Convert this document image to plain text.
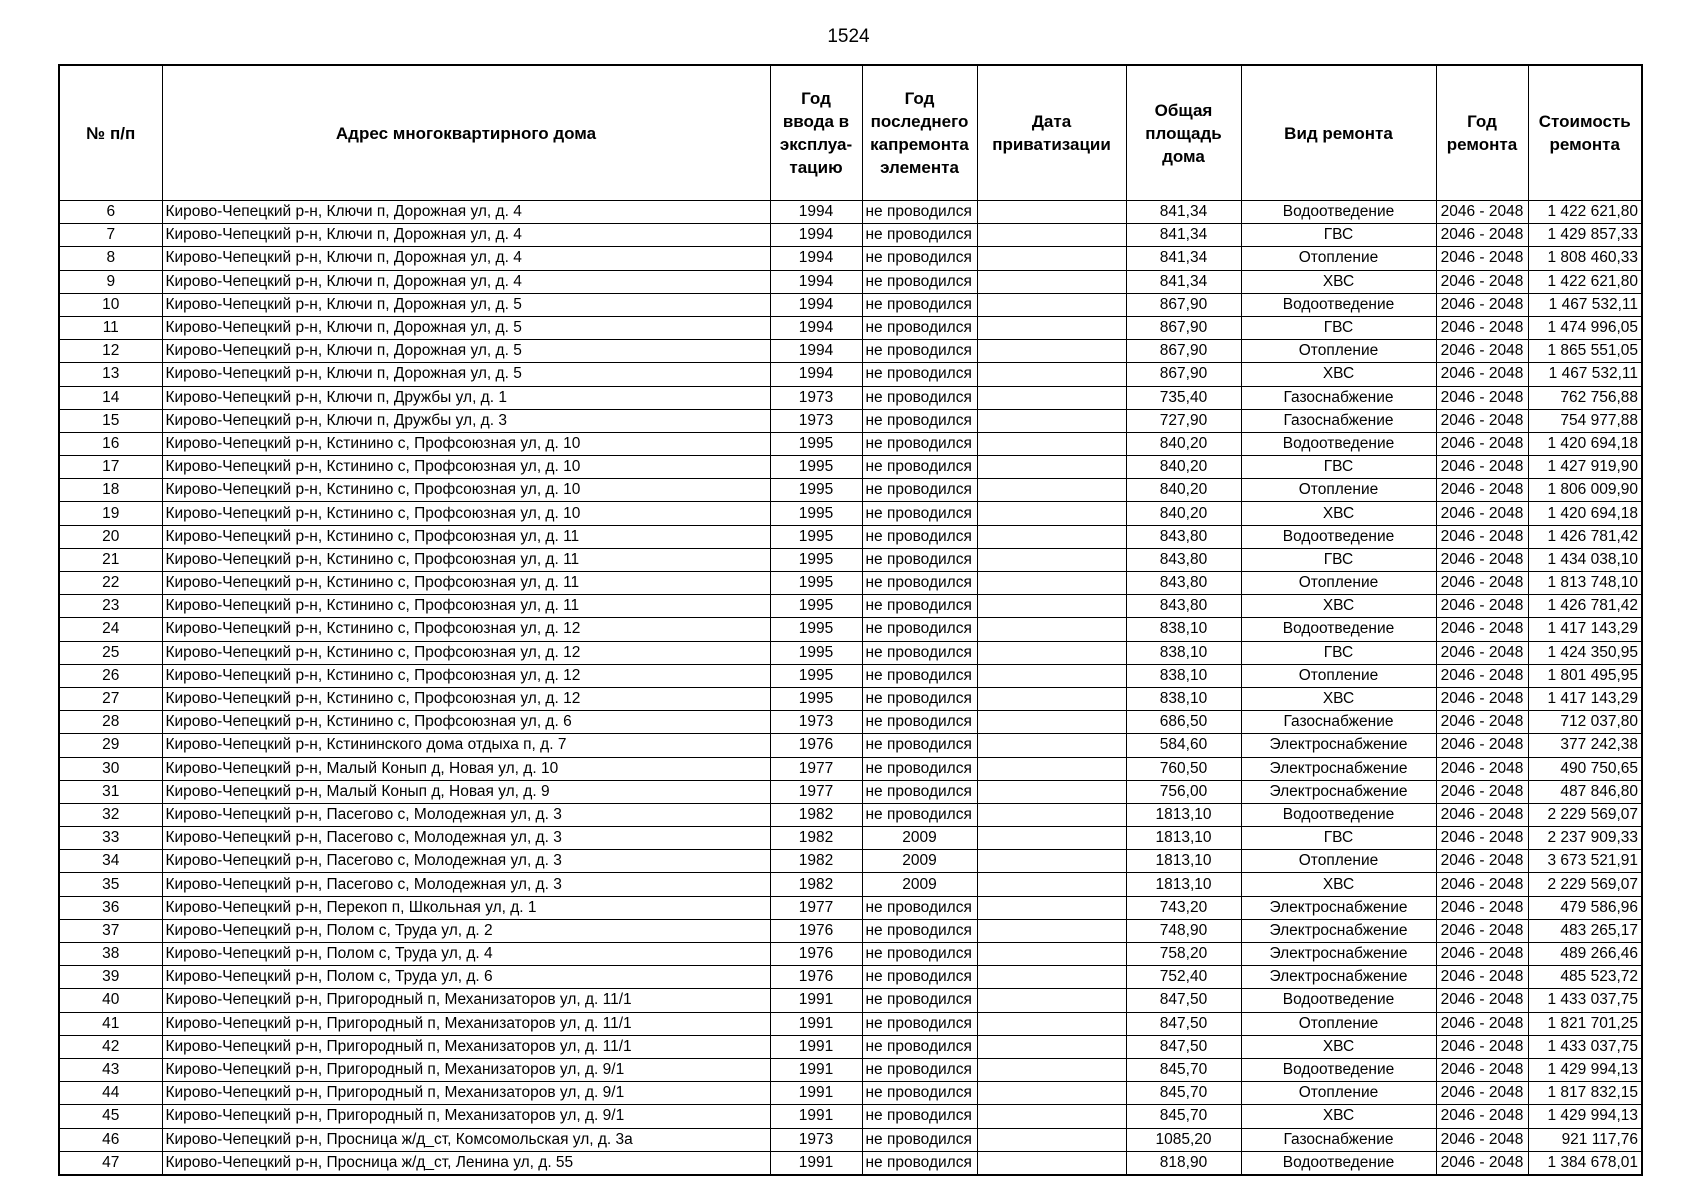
1524
№ п/п	Адрес многоквартирного дома	Год ввода в эксплуа-тацию	Год последнего капремонта элемента	Дата приватизации	Общая площадь дома	Вид ремонта	Год ремонта	Стоимость ремонта
6	Кирово-Чепецкий р-н, Ключи п, Дорожная ул, д. 4	1994	не проводился		841,34	Водоотведение	2046 - 2048	1 422 621,80
7	Кирово-Чепецкий р-н, Ключи п, Дорожная ул, д. 4	1994	не проводился		841,34	ГВС	2046 - 2048	1 429 857,33
8	Кирово-Чепецкий р-н, Ключи п, Дорожная ул, д. 4	1994	не проводился		841,34	Отопление	2046 - 2048	1 808 460,33
9	Кирово-Чепецкий р-н, Ключи п, Дорожная ул, д. 4	1994	не проводился		841,34	ХВС	2046 - 2048	1 422 621,80
10	Кирово-Чепецкий р-н, Ключи п, Дорожная ул, д. 5	1994	не проводился		867,90	Водоотведение	2046 - 2048	1 467 532,11
11	Кирово-Чепецкий р-н, Ключи п, Дорожная ул, д. 5	1994	не проводился		867,90	ГВС	2046 - 2048	1 474 996,05
12	Кирово-Чепецкий р-н, Ключи п, Дорожная ул, д. 5	1994	не проводился		867,90	Отопление	2046 - 2048	1 865 551,05
13	Кирово-Чепецкий р-н, Ключи п, Дорожная ул, д. 5	1994	не проводился		867,90	ХВС	2046 - 2048	1 467 532,11
14	Кирово-Чепецкий р-н, Ключи п, Дружбы ул, д. 1	1973	не проводился		735,40	Газоснабжение	2046 - 2048	762 756,88
15	Кирово-Чепецкий р-н, Ключи п, Дружбы ул, д. 3	1973	не проводился		727,90	Газоснабжение	2046 - 2048	754 977,88
16	Кирово-Чепецкий р-н, Кстинино с, Профсоюзная ул, д. 10	1995	не проводился		840,20	Водоотведение	2046 - 2048	1 420 694,18
17	Кирово-Чепецкий р-н, Кстинино с, Профсоюзная ул, д. 10	1995	не проводился		840,20	ГВС	2046 - 2048	1 427 919,90
18	Кирово-Чепецкий р-н, Кстинино с, Профсоюзная ул, д. 10	1995	не проводился		840,20	Отопление	2046 - 2048	1 806 009,90
19	Кирово-Чепецкий р-н, Кстинино с, Профсоюзная ул, д. 10	1995	не проводился		840,20	ХВС	2046 - 2048	1 420 694,18
20	Кирово-Чепецкий р-н, Кстинино с, Профсоюзная ул, д. 11	1995	не проводился		843,80	Водоотведение	2046 - 2048	1 426 781,42
21	Кирово-Чепецкий р-н, Кстинино с, Профсоюзная ул, д. 11	1995	не проводился		843,80	ГВС	2046 - 2048	1 434 038,10
22	Кирово-Чепецкий р-н, Кстинино с, Профсоюзная ул, д. 11	1995	не проводился		843,80	Отопление	2046 - 2048	1 813 748,10
23	Кирово-Чепецкий р-н, Кстинино с, Профсоюзная ул, д. 11	1995	не проводился		843,80	ХВС	2046 - 2048	1 426 781,42
24	Кирово-Чепецкий р-н, Кстинино с, Профсоюзная ул, д. 12	1995	не проводился		838,10	Водоотведение	2046 - 2048	1 417 143,29
25	Кирово-Чепецкий р-н, Кстинино с, Профсоюзная ул, д. 12	1995	не проводился		838,10	ГВС	2046 - 2048	1 424 350,95
26	Кирово-Чепецкий р-н, Кстинино с, Профсоюзная ул, д. 12	1995	не проводился		838,10	Отопление	2046 - 2048	1 801 495,95
27	Кирово-Чепецкий р-н, Кстинино с, Профсоюзная ул, д. 12	1995	не проводился		838,10	ХВС	2046 - 2048	1 417 143,29
28	Кирово-Чепецкий р-н, Кстинино с, Профсоюзная ул, д. 6	1973	не проводился		686,50	Газоснабжение	2046 - 2048	712 037,80
29	Кирово-Чепецкий р-н, Кстининского дома отдыха п, д. 7	1976	не проводился		584,60	Электроснабжение	2046 - 2048	377 242,38
30	Кирово-Чепецкий р-н, Малый Конып д, Новая ул, д. 10	1977	не проводился		760,50	Электроснабжение	2046 - 2048	490 750,65
31	Кирово-Чепецкий р-н, Малый Конып д, Новая ул, д. 9	1977	не проводился		756,00	Электроснабжение	2046 - 2048	487 846,80
32	Кирово-Чепецкий р-н, Пасегово с, Молодежная ул, д. 3	1982	не проводился		1813,10	Водоотведение	2046 - 2048	2 229 569,07
33	Кирово-Чепецкий р-н, Пасегово с, Молодежная ул, д. 3	1982	2009		1813,10	ГВС	2046 - 2048	2 237 909,33
34	Кирово-Чепецкий р-н, Пасегово с, Молодежная ул, д. 3	1982	2009		1813,10	Отопление	2046 - 2048	3 673 521,91
35	Кирово-Чепецкий р-н, Пасегово с, Молодежная ул, д. 3	1982	2009		1813,10	ХВС	2046 - 2048	2 229 569,07
36	Кирово-Чепецкий р-н, Перекоп п, Школьная ул, д. 1	1977	не проводился		743,20	Электроснабжение	2046 - 2048	479 586,96
37	Кирово-Чепецкий р-н, Полом с, Труда ул, д. 2	1976	не проводился		748,90	Электроснабжение	2046 - 2048	483 265,17
38	Кирово-Чепецкий р-н, Полом с, Труда ул, д. 4	1976	не проводился		758,20	Электроснабжение	2046 - 2048	489 266,46
39	Кирово-Чепецкий р-н, Полом с, Труда ул, д. 6	1976	не проводился		752,40	Электроснабжение	2046 - 2048	485 523,72
40	Кирово-Чепецкий р-н, Пригородный п, Механизаторов ул, д. 11/1	1991	не проводился		847,50	Водоотведение	2046 - 2048	1 433 037,75
41	Кирово-Чепецкий р-н, Пригородный п, Механизаторов ул, д. 11/1	1991	не проводился		847,50	Отопление	2046 - 2048	1 821 701,25
42	Кирово-Чепецкий р-н, Пригородный п, Механизаторов ул, д. 11/1	1991	не проводился		847,50	ХВС	2046 - 2048	1 433 037,75
43	Кирово-Чепецкий р-н, Пригородный п, Механизаторов ул, д. 9/1	1991	не проводился		845,70	Водоотведение	2046 - 2048	1 429 994,13
44	Кирово-Чепецкий р-н, Пригородный п, Механизаторов ул, д. 9/1	1991	не проводился		845,70	Отопление	2046 - 2048	1 817 832,15
45	Кирово-Чепецкий р-н, Пригородный п, Механизаторов ул, д. 9/1	1991	не проводился		845,70	ХВС	2046 - 2048	1 429 994,13
46	Кирово-Чепецкий р-н, Просница ж/д_ст, Комсомольская ул, д. 3а	1973	не проводился		1085,20	Газоснабжение	2046 - 2048	921 117,76
47	Кирово-Чепецкий р-н, Просница ж/д_ст, Ленина ул, д. 55	1991	не проводился		818,90	Водоотведение	2046 - 2048	1 384 678,01
